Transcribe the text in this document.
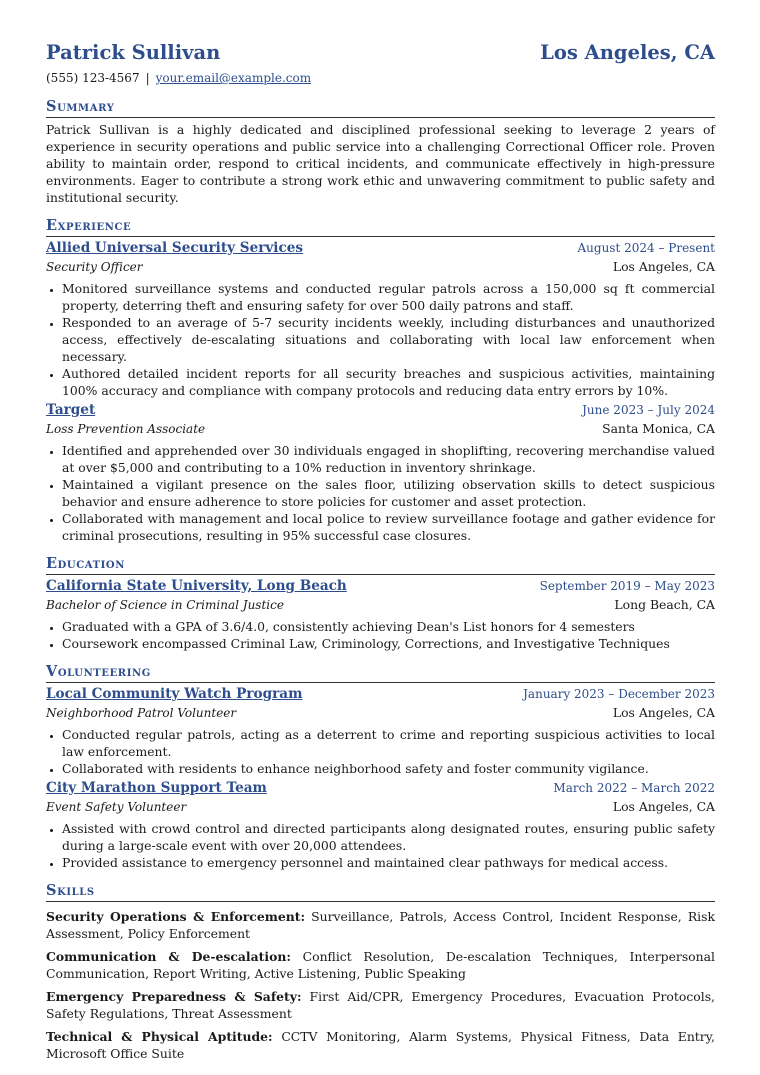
Patrick Sullivan	Los Angeles, CA
(555) 123-4567 | your.email@example.com
Summary
Patrick Sullivan is a highly dedicated and disciplined professional seeking to leverage 2 years of experience in security operations and public service into a challenging Correctional Officer role. Proven ability to maintain order, respond to critical incidents, and communicate effectively in high-pressure environments. Eager to contribute a strong work ethic and unwavering commitment to public safety and institutional security.
Experience
Allied Universal Security Services	August 2024 – Present
Security Officer	Los Angeles, CA
• Monitored surveillance systems and conducted regular patrols across a 150,000 sq ft commercial property, deterring theft and ensuring safety for over 500 daily patrons and staff.
• Responded to an average of 5-7 security incidents weekly, including disturbances and unauthorized access, effectively de-escalating situations and collaborating with local law enforcement when necessary.
• Authored detailed incident reports for all security breaches and suspicious activities, maintaining 100% accuracy and compliance with company protocols and reducing data entry errors by 10%.
Target	June 2023 – July 2024
Loss Prevention Associate	Santa Monica, CA
• Identified and apprehended over 30 individuals engaged in shoplifting, recovering merchandise valued at over $5,000 and contributing to a 10% reduction in inventory shrinkage.
• Maintained a vigilant presence on the sales floor, utilizing observation skills to detect suspicious behavior and ensure adherence to store policies for customer and asset protection.
• Collaborated with management and local police to review surveillance footage and gather evidence for criminal prosecutions, resulting in 95% successful case closures.
Education
California State University, Long Beach	September 2019 – May 2023
Bachelor of Science in Criminal Justice	Long Beach, CA
• Graduated with a GPA of 3.6/4.0, consistently achieving Dean's List honors for 4 semesters
• Coursework encompassed Criminal Law, Criminology, Corrections, and Investigative Techniques
Volunteering
Local Community Watch Program	January 2023 – December 2023
Neighborhood Patrol Volunteer	Los Angeles, CA
• Conducted regular patrols, acting as a deterrent to crime and reporting suspicious activities to local law enforcement.
• Collaborated with residents to enhance neighborhood safety and foster community vigilance.
City Marathon Support Team	March 2022 – March 2022
Event Safety Volunteer	Los Angeles, CA
• Assisted with crowd control and directed participants along designated routes, ensuring public safety during a large-scale event with over 20,000 attendees.
• Provided assistance to emergency personnel and maintained clear pathways for medical access.
Skills
Security Operations & Enforcement: Surveillance, Patrols, Access Control, Incident Response, Risk Assessment, Policy Enforcement
Communication & De-escalation: Conflict Resolution, De-escalation Techniques, Interpersonal Communication, Report Writing, Active Listening, Public Speaking
Emergency Preparedness & Safety: First Aid/CPR, Emergency Procedures, Evacuation Protocols, Safety Regulations, Threat Assessment
Technical & Physical Aptitude: CCTV Monitoring, Alarm Systems, Physical Fitness, Data Entry, Microsoft Office Suite
